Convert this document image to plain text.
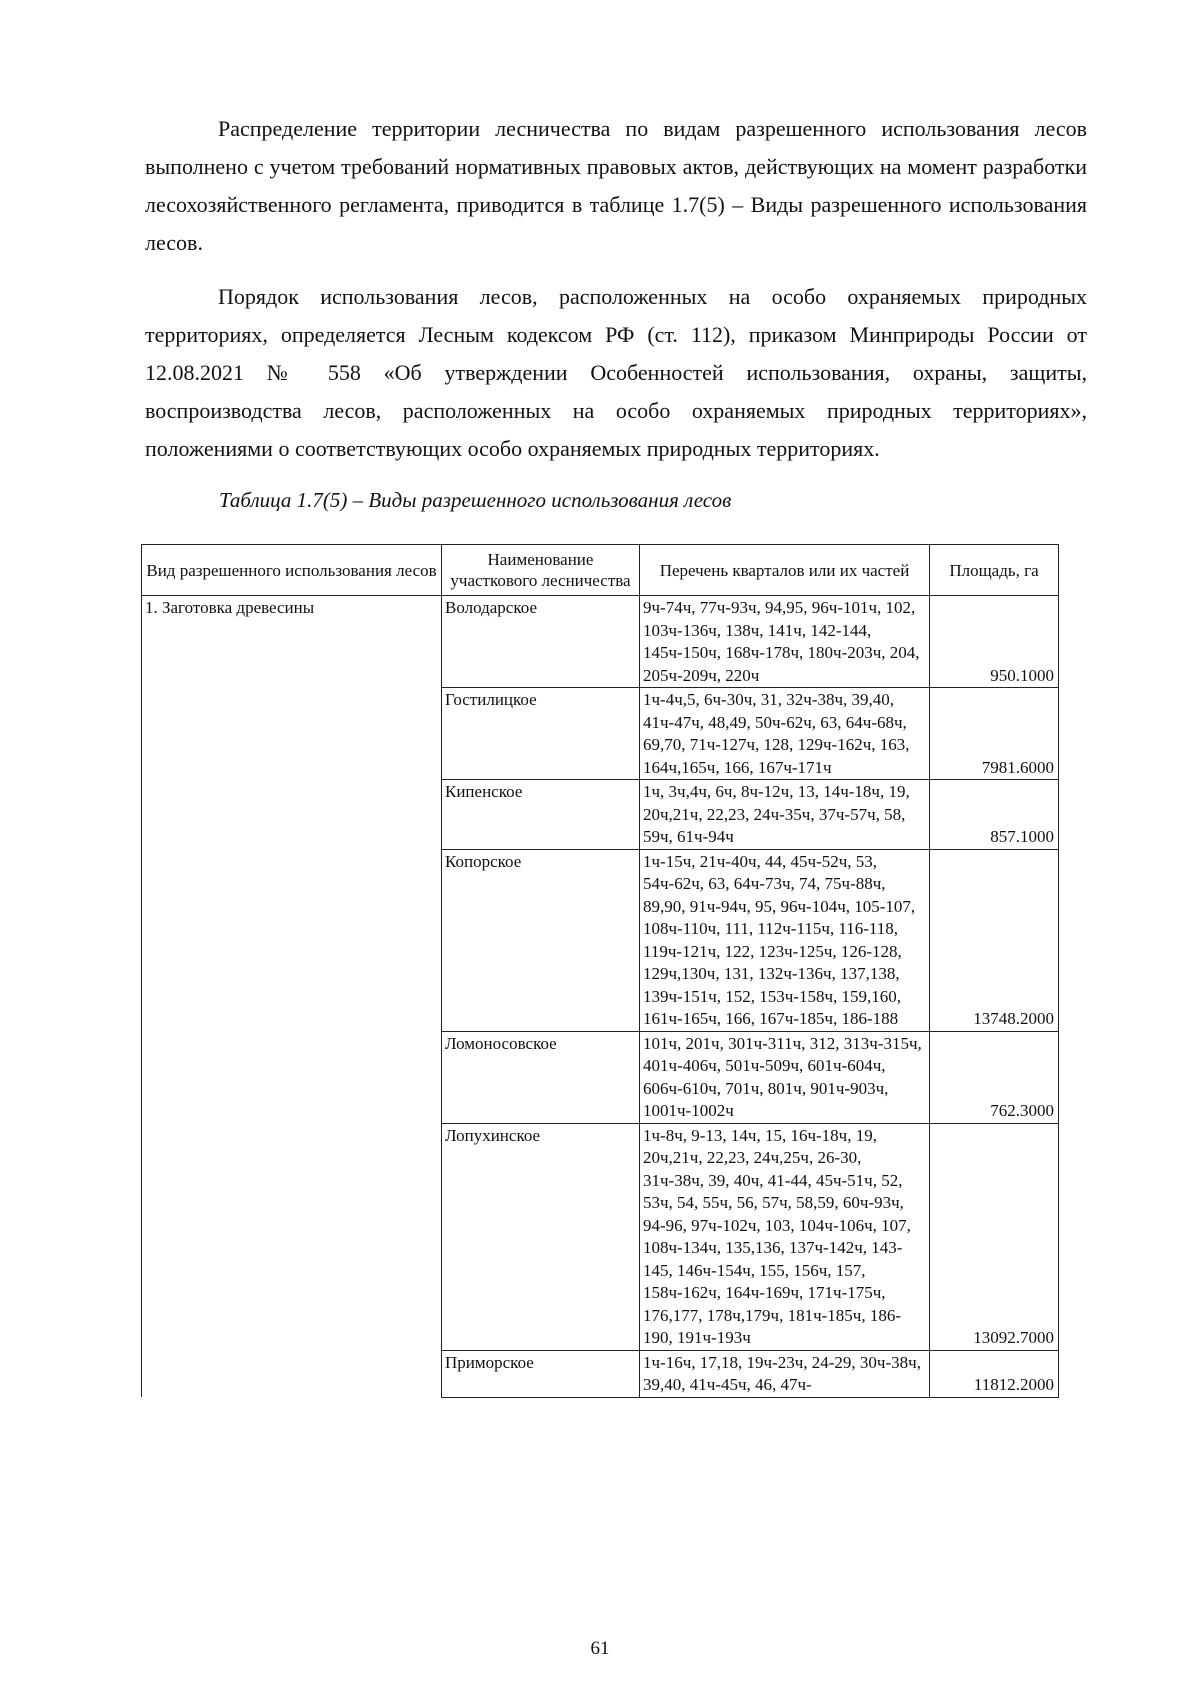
Распределение территории лесничества по видам разрешенного использования лесов выполнено с учетом требований нормативных правовых актов, действующих на момент разработки лесохозяйственного регламента, приводится в таблице 1.7(5) – Виды разрешенного использования лесов.

Порядок использования лесов, расположенных на особо охраняемых природных территориях, определяется Лесным кодексом РФ (ст. 112), приказом Минприроды России от 12.08.2021 № 558 «Об утверждении Особенностей использования, охраны, защиты, воспроизводства лесов, расположенных на особо охраняемых природных территориях», положениями о соответствующих особо охраняемых природных территориях.

Таблица 1.7(5) – Виды разрешенного использования лесов

Вид разрешенного использования лесов	Наименование участкового лесничества	Перечень кварталов или их частей	Площадь, га
1. Заготовка древесины	Володарское	9ч-74ч, 77ч-93ч, 94,95, 96ч-101ч, 102, 103ч-136ч, 138ч, 141ч, 142-144, 145ч-150ч, 168ч-178ч, 180ч-203ч, 204, 205ч-209ч, 220ч	950.1000
	Гостилицкое	1ч-4ч,5, 6ч-30ч, 31, 32ч-38ч, 39,40, 41ч-47ч, 48,49, 50ч-62ч, 63, 64ч-68ч, 69,70, 71ч-127ч, 128, 129ч-162ч, 163, 164ч,165ч, 166, 167ч-171ч	7981.6000
	Кипенское	1ч, 3ч,4ч, 6ч, 8ч-12ч, 13, 14ч-18ч, 19, 20ч,21ч, 22,23, 24ч-35ч, 37ч-57ч, 58, 59ч, 61ч-94ч	857.1000
	Копорское	1ч-15ч, 21ч-40ч, 44, 45ч-52ч, 53, 54ч-62ч, 63, 64ч-73ч, 74, 75ч-88ч, 89,90, 91ч-94ч, 95, 96ч-104ч, 105-107, 108ч-110ч, 111, 112ч-115ч, 116-118, 119ч-121ч, 122, 123ч-125ч, 126-128, 129ч,130ч, 131, 132ч-136ч, 137,138, 139ч-151ч, 152, 153ч-158ч, 159,160, 161ч-165ч, 166, 167ч-185ч, 186-188	13748.2000
	Ломоносовское	101ч, 201ч, 301ч-311ч, 312, 313ч-315ч, 401ч-406ч, 501ч-509ч, 601ч-604ч, 606ч-610ч, 701ч, 801ч, 901ч-903ч, 1001ч-1002ч	762.3000
	Лопухинское	1ч-8ч, 9-13, 14ч, 15, 16ч-18ч, 19, 20ч,21ч, 22,23, 24ч,25ч, 26-30, 31ч-38ч, 39, 40ч, 41-44, 45ч-51ч, 52, 53ч, 54, 55ч, 56, 57ч, 58,59, 60ч-93ч, 94-96, 97ч-102ч, 103, 104ч-106ч, 107, 108ч-134ч, 135,136, 137ч-142ч, 143-145, 146ч-154ч, 155, 156ч, 157, 158ч-162ч, 164ч-169ч, 171ч-175ч, 176,177, 178ч,179ч, 181ч-185ч, 186-190, 191ч-193ч	13092.7000
	Приморское	1ч-16ч, 17,18, 19ч-23ч, 24-29, 30ч-38ч, 39,40, 41ч-45ч, 46, 47ч-	11812.2000
61
